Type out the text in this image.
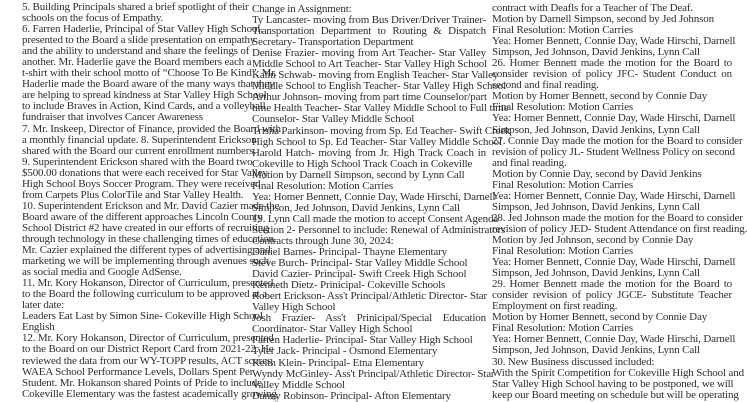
5. Building Principals shared a brief spotlight of their
schools on the focus of Empathy.
6. Farren Haderlie, Principal of Star Valley High School,
presented to the Board a slide presentation on empathy
and the ability to understand and share the feelings of
another. Mr. Haderlie gave the Board members each a
t-shirt with their school motto of “Choose To Be Kind”. Mr.
Haderlie made the Board aware of the many ways that they
are helping to spread kindness at Star Valley High School
to include Braves in Action, Kind Cards, and a volleyball
fundraiser that involves Cancer Awareness
7. Mr. Inskeep, Director of Finance, provided the Board with
a monthly financial update. 8. Superintendent Erickson
shared with the Board our current enrollment numbers.
9. Superintendent Erickson shared with the Board two
$500.00 donations that were each received for Star Valley
High School Boys Soccer Program. They were received
from Carpets Plus ColorTile and Star Valley Health.
10. Superintendent Erickson and Mr. David Cazier made the
Board aware of the different approaches Lincoln County
School District #2 have created in our efforts of recruiting
through technology in these challenging times of education.
Mr. Cazier explained the different types of advertising and
marketing we will be implementing through avenues such
as social media and Google AdSense.
11. Mr. Kory Hokanson, Director of Curriculum, presented
to the Board the following curriculum to be approved at a
later date:
Leaders Eat Last by Simon Sine- Cokeville High School
English
12. Mr. Kory Hokanson, Director of Curriculum, presented
to the Board on our District Report Card from 2021-22. He
reviewed the data from our WY-TOPP results, ACT scores,
WAEA School Performance Levels, Dollars Spent Per
Student. Mr. Hokanson shared Points of Pride to include
Cokeville Elementary was the fastest academically growing
Change in Assignment:
Ty Lancaster- moving from Bus Driver/Driver Trainer-
Transportation Department to Routing & Dispatch
Secretary- Transportation Department
Denise Frazier- moving from Art Teacher- Star Valley
Middle School to Art Teacher- Star Valley High School
Kalin Schwab- moving from English Teacher- Star Valley
Middle School to English Teacher- Star Valley High School
Arthur Johnson- moving from part time Counselor/part
time Health Teacher- Star Valley Middle School to Full time
Counselor- Star Valley Middle School
Trisha Parkinson- moving from Sp. Ed Teacher- Swift Creek
High School to Sp. Ed Teacher- Star Valley Middle School
Harold Hatch- moving from Jr. High Track Coach in
Cokeville to High School Track Coach in Cokeville
Motion by Darnell Simpson, second by Lynn Call
Final Resolution: Motion Carries
Yea: Homer Bennett, Connie Day, Wade Hirschi, Darnell
Simpson, Jed Johnson, David Jenkins, Lynn Call
19. Lynn Call made the motion to accept Consent Agenda
Section 2- Personnel to include: Renewal of Administrators
Contracts through June 30, 2024:
Daniel Barnes- Principal- Thayne Elementary
Steve Burch- Principal- Star Valley Middle School
David Cazier- Principal- Swift Creek High School
Kenneth Dietz- Prinicipal- Cokeville Schools
Robert Erickson- Ass't Principal/Athletic Director- Star
Valley High School
Josh Frazier- Ass't Prinicipal/Special Education
Coordinator- Star Valley High School
Farren Haderlie- Principal- Star Valley High School
Tyler Jack- Principal - Osmond Elementary
Keith Klein- Principal- Etna Elementary
Wyndy McGinley- Ass't Principal/Athletic Director- Star
Valley Middle School
Danny Robinson- Principal- Afton Elementary
contract with Deafls for a Teacher of The Deaf.
Motion by Darnell Simpson, second by Jed Johnson
Final Resolution: Motion Carries
Yea: Homer Bennett, Connie Day, Wade Hirschi, Darnell
Simpson, Jed Johnson, David Jenkins, Lynn Call
26. Homer Bennett made the motion for the Board to
consider revision of policy JFC- Student Conduct on
second and final reading.
Motion by Homer Bennett, second by Connie Day
Final Resolution: Motion Carries
Yea: Homer Bennett, Connie Day, Wade Hirschi, Darnell
Simpson, Jed Johnson, David Jenkins, Lynn Call
27. Connie Day made the motion for the Board to consider
revision of policy JL- Student Wellness Policy on second
and final reading.
Motion by Connie Day, second by David Jenkins
Final Resolution: Motion Carries
Yea: Homer Bennett, Connie Day, Wade Hirschi, Darnell
Simpson, Jed Johnson, David Jenkins, Lynn Call
28. Jed Johnson made the motion for the Board to consider
revision of policy JED- Student Attendance on first reading.
Motion by Jed Johnson, second by Connie Day
Final Resolution: Motion Carries
Yea: Homer Bennett, Connie Day, Wade Hirschi, Darnell
Simpson, Jed Johnson, David Jenkins, Lynn Call
29. Homer Bennett made the motion for the Board to
consider revision of policy JGCE- Substitute Teacher
Employment on first reading.
Motion by Homer Bennett, second by Connie Day
Final Resolution: Motion Carries
Yea: Homer Bennett, Connie Day, Wade Hirschi, Darnell
Simpson, Jed Johnson, David Jenkins, Lynn Call
30. New Business discussed included:
With the Spirit Competition for Cokeville High School and
Star Valley High School having to be postponed, we will
keep our Board meeting on schedule but will be operating
